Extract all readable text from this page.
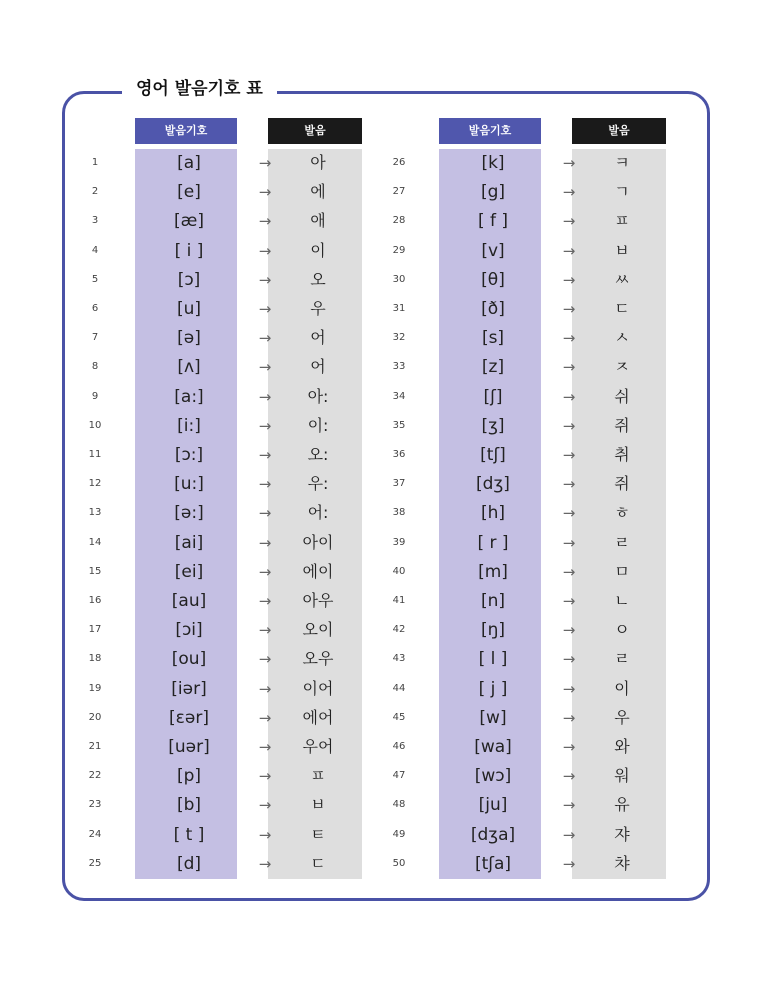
영어 발음기호 표
발음기호	발음
1	[a]	→	아
2	[e]	→	에
3	[æ]	→	애
4	[ i ]	→	이
5	[ɔ]	→	오
6	[u]	→	우
7	[ə]	→	어
8	[ʌ]	→	어
9	[a:]	→	아:
10	[i:]	→	이:
11	[ɔ:]	→	오:
12	[u:]	→	우:
13	[ə:]	→	어:
14	[ai]	→	아이
15	[ei]	→	에이
16	[au]	→	아우
17	[ɔi]	→	오이
18	[ou]	→	오우
19	[iər]	→	이어
20	[ɛər]	→	에어
21	[uər]	→	우어
22	[p]	→	ㅍ
23	[b]	→	ㅂ
24	[ t ]	→	ㅌ
25	[d]	→	ㄷ
발음기호	발음
26	[k]	→	ㅋ
27	[g]	→	ㄱ
28	[ f ]	→	ㅍ
29	[v]	→	ㅂ
30	[θ]	→	ㅆ
31	[ð]	→	ㄷ
32	[s]	→	ㅅ
33	[z]	→	ㅈ
34	[ʃ]	→	쉬
35	[ʒ]	→	쥐
36	[tʃ]	→	취
37	[dʒ]	→	쥐
38	[h]	→	ㅎ
39	[ r ]	→	ㄹ
40	[m]	→	ㅁ
41	[n]	→	ㄴ
42	[ŋ]	→	ㅇ
43	[ l ]	→	ㄹ
44	[ j ]	→	이
45	[w]	→	우
46	[wa]	→	와
47	[wɔ]	→	워
48	[ju]	→	유
49	[dʒa]	→	쟈
50	[tʃa]	→	챠
